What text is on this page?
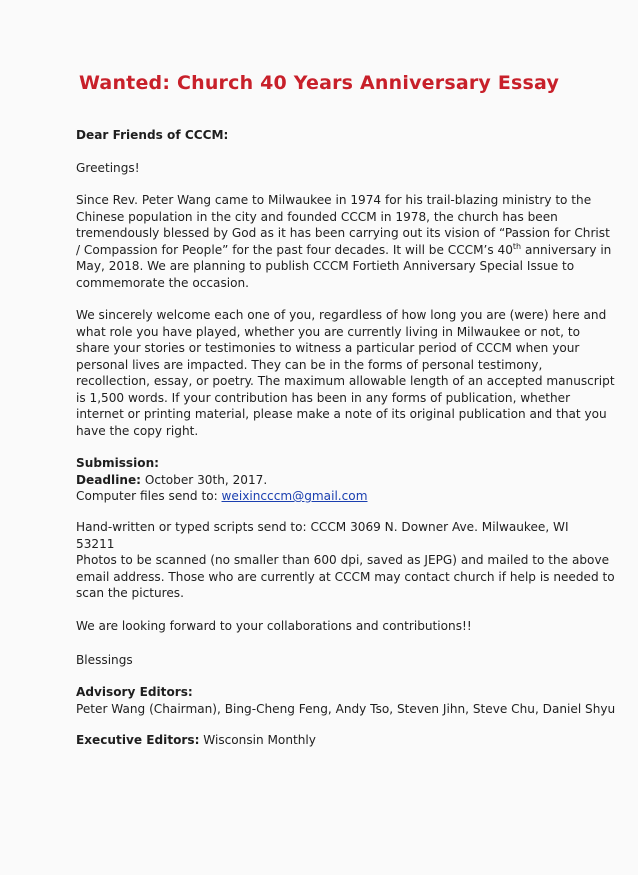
Wanted: Church 40 Years Anniversary Essay
Dear Friends of CCCM:
Greetings!
Since Rev. Peter Wang came to Milwaukee in 1974 for his trail-blazing ministry to the
Chinese population in the city and founded CCCM in 1978, the church has been
tremendously blessed by God as it has been carrying out its vision of “Passion for Christ
/ Compassion for People” for the past four decades. It will be CCCM’s 40th anniversary in
May, 2018. We are planning to publish CCCM Fortieth Anniversary Special Issue to
commemorate the occasion.
We sincerely welcome each one of you, regardless of how long you are (were) here and
what role you have played, whether you are currently living in Milwaukee or not, to
share your stories or testimonies to witness a particular period of CCCM when your
personal lives are impacted. They can be in the forms of personal testimony,
recollection, essay, or poetry. The maximum allowable length of an accepted manuscript
is 1,500 words. If your contribution has been in any forms of publication, whether
internet or printing material, please make a note of its original publication and that you
have the copy right.
Submission:
Deadline: October 30th, 2017.
Computer files send to: weixincccm@gmail.com
Hand-written or typed scripts send to: CCCM 3069 N. Downer Ave. Milwaukee, WI
53211
Photos to be scanned (no smaller than 600 dpi, saved as JEPG) and mailed to the above
email address. Those who are currently at CCCM may contact church if help is needed to
scan the pictures.
We are looking forward to your collaborations and contributions!!
Blessings
Advisory Editors:
Peter Wang (Chairman), Bing-Cheng Feng, Andy Tso, Steven Jihn, Steve Chu, Daniel Shyu
Executive Editors: Wisconsin Monthly
